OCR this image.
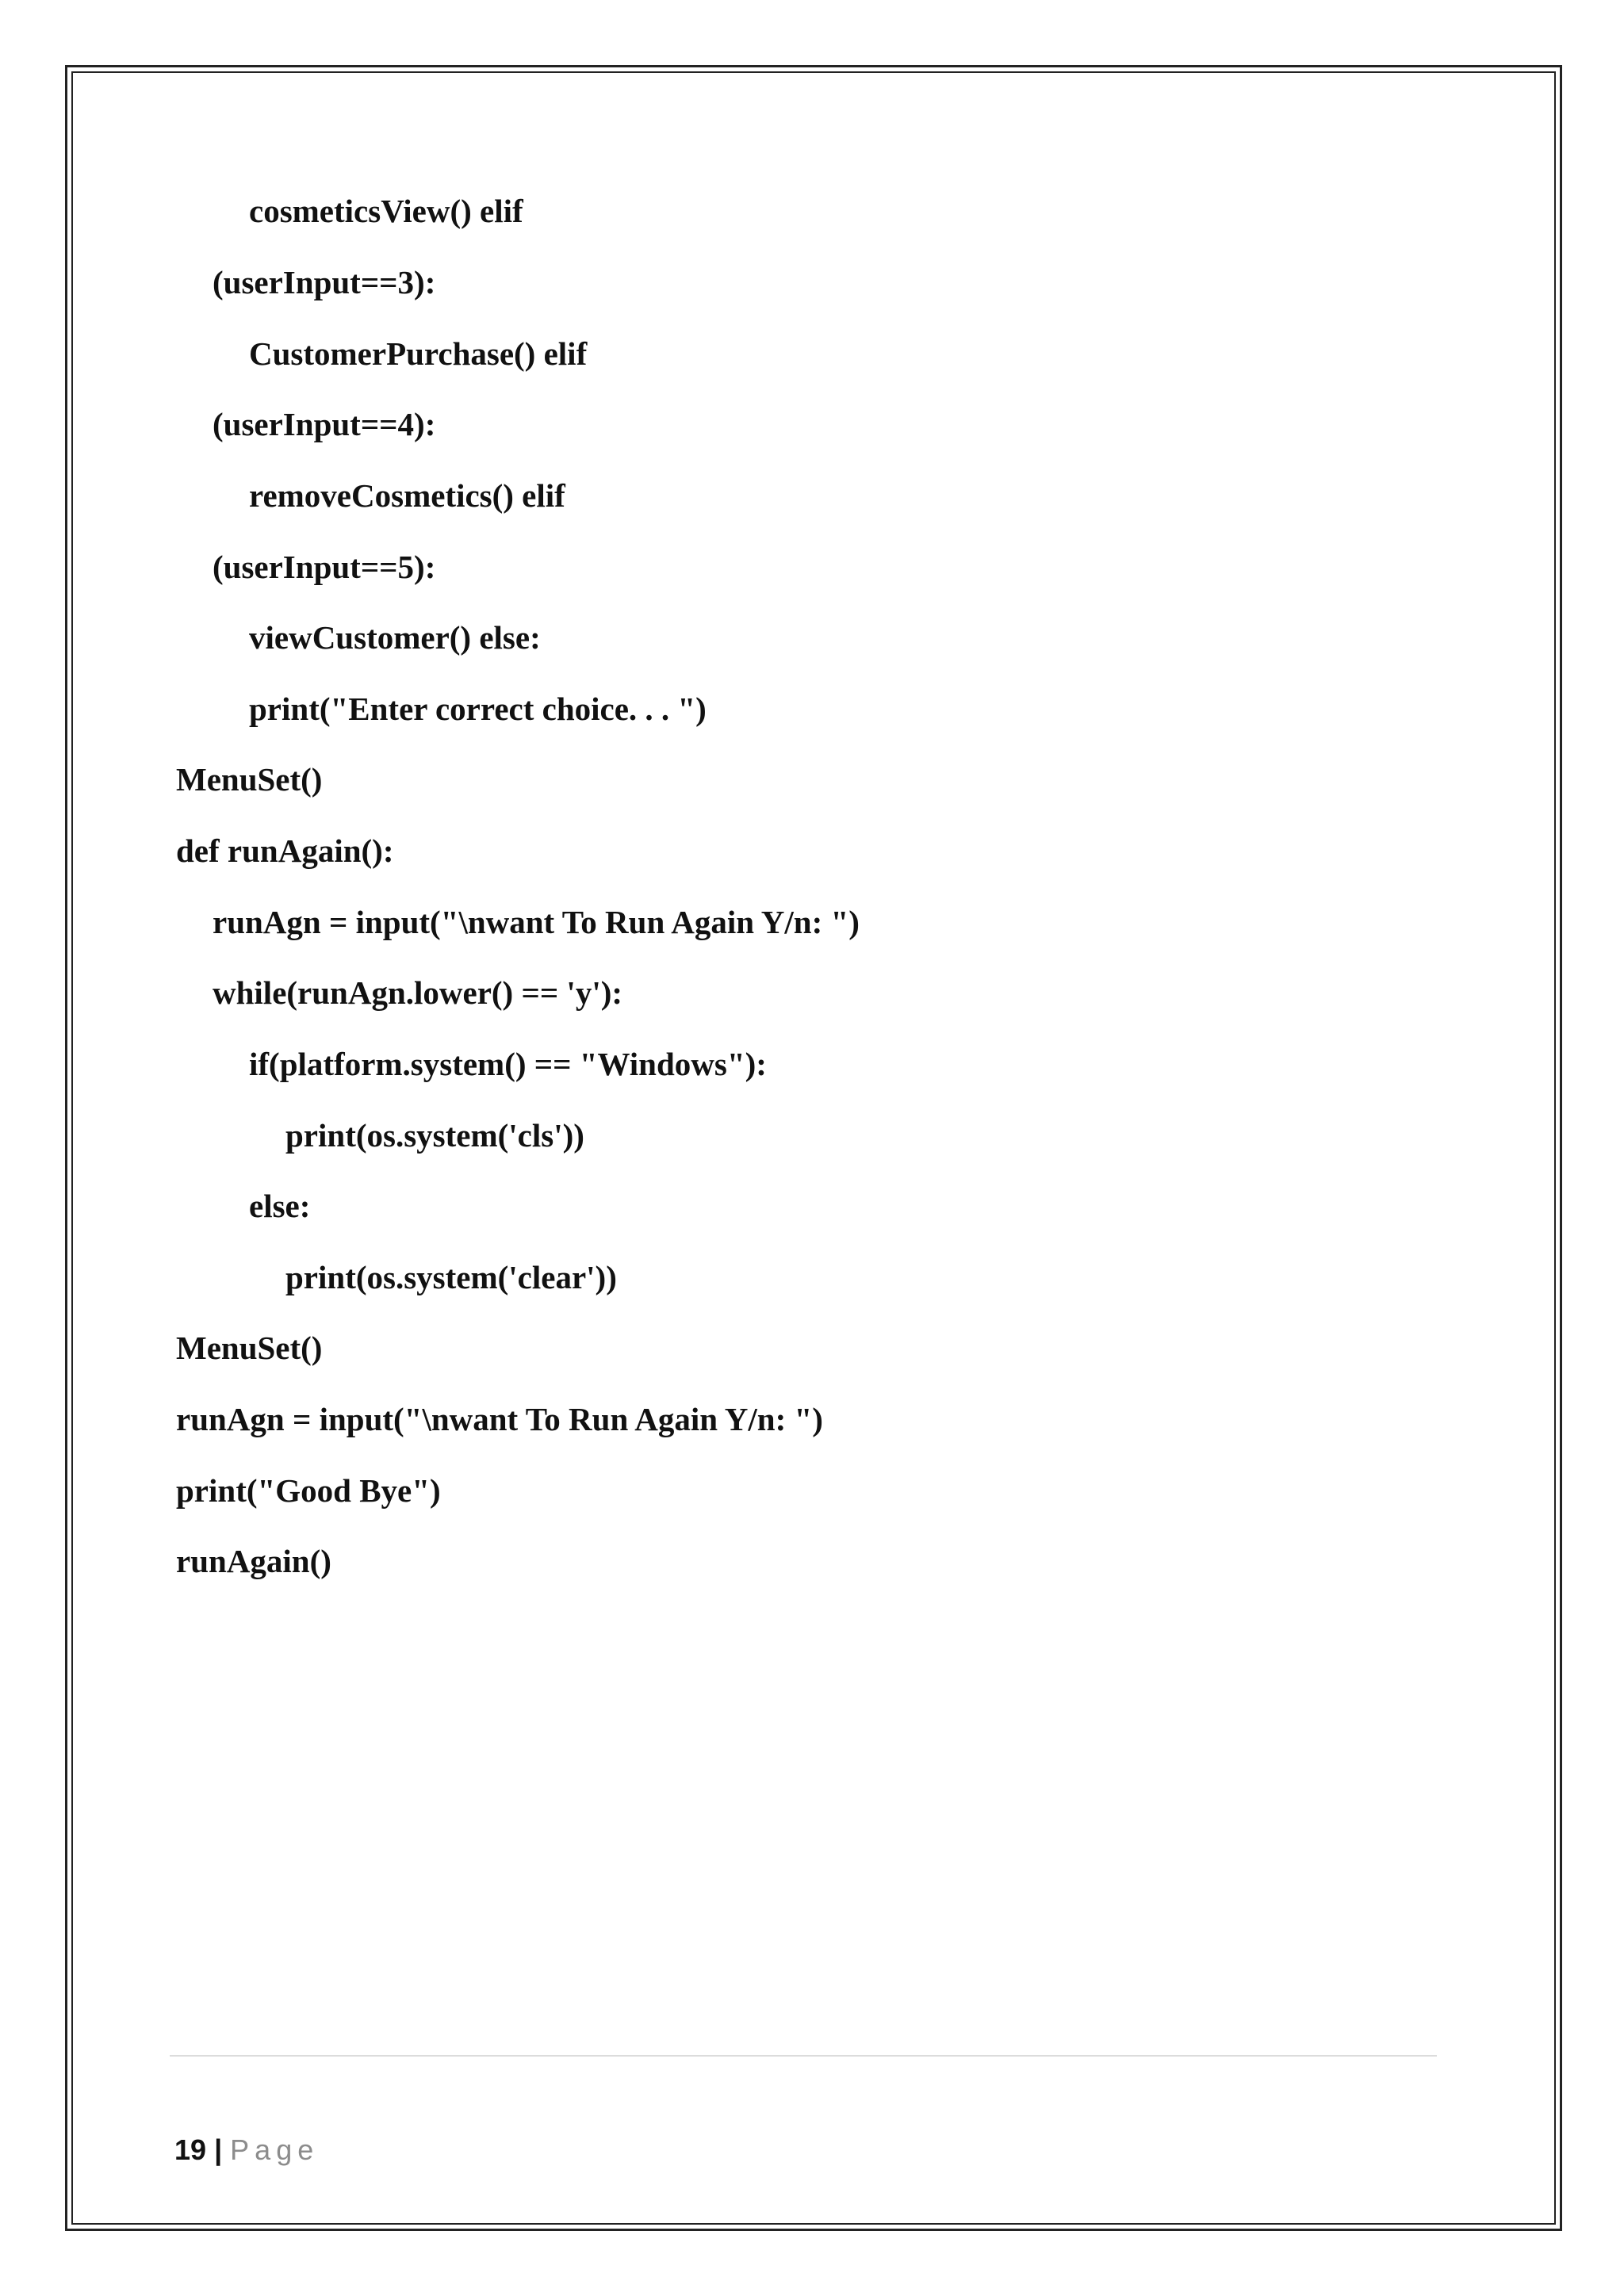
cosmeticsView() elif
(userInput==3):
CustomerPurchase() elif
(userInput==4):
removeCosmetics() elif
(userInput==5):
viewCustomer() else:
print("Enter correct choice. . . ")
MenuSet()
def runAgain():
runAgn = input("\nwant To Run Again Y/n: ")
while(runAgn.lower() == 'y'):
if(platform.system() == "Windows"):
print(os.system('cls'))
else:
print(os.system('clear'))
MenuSet()
runAgn = input("\nwant To Run Again Y/n: ")
print("Good Bye")
runAgain()
19 | Page
